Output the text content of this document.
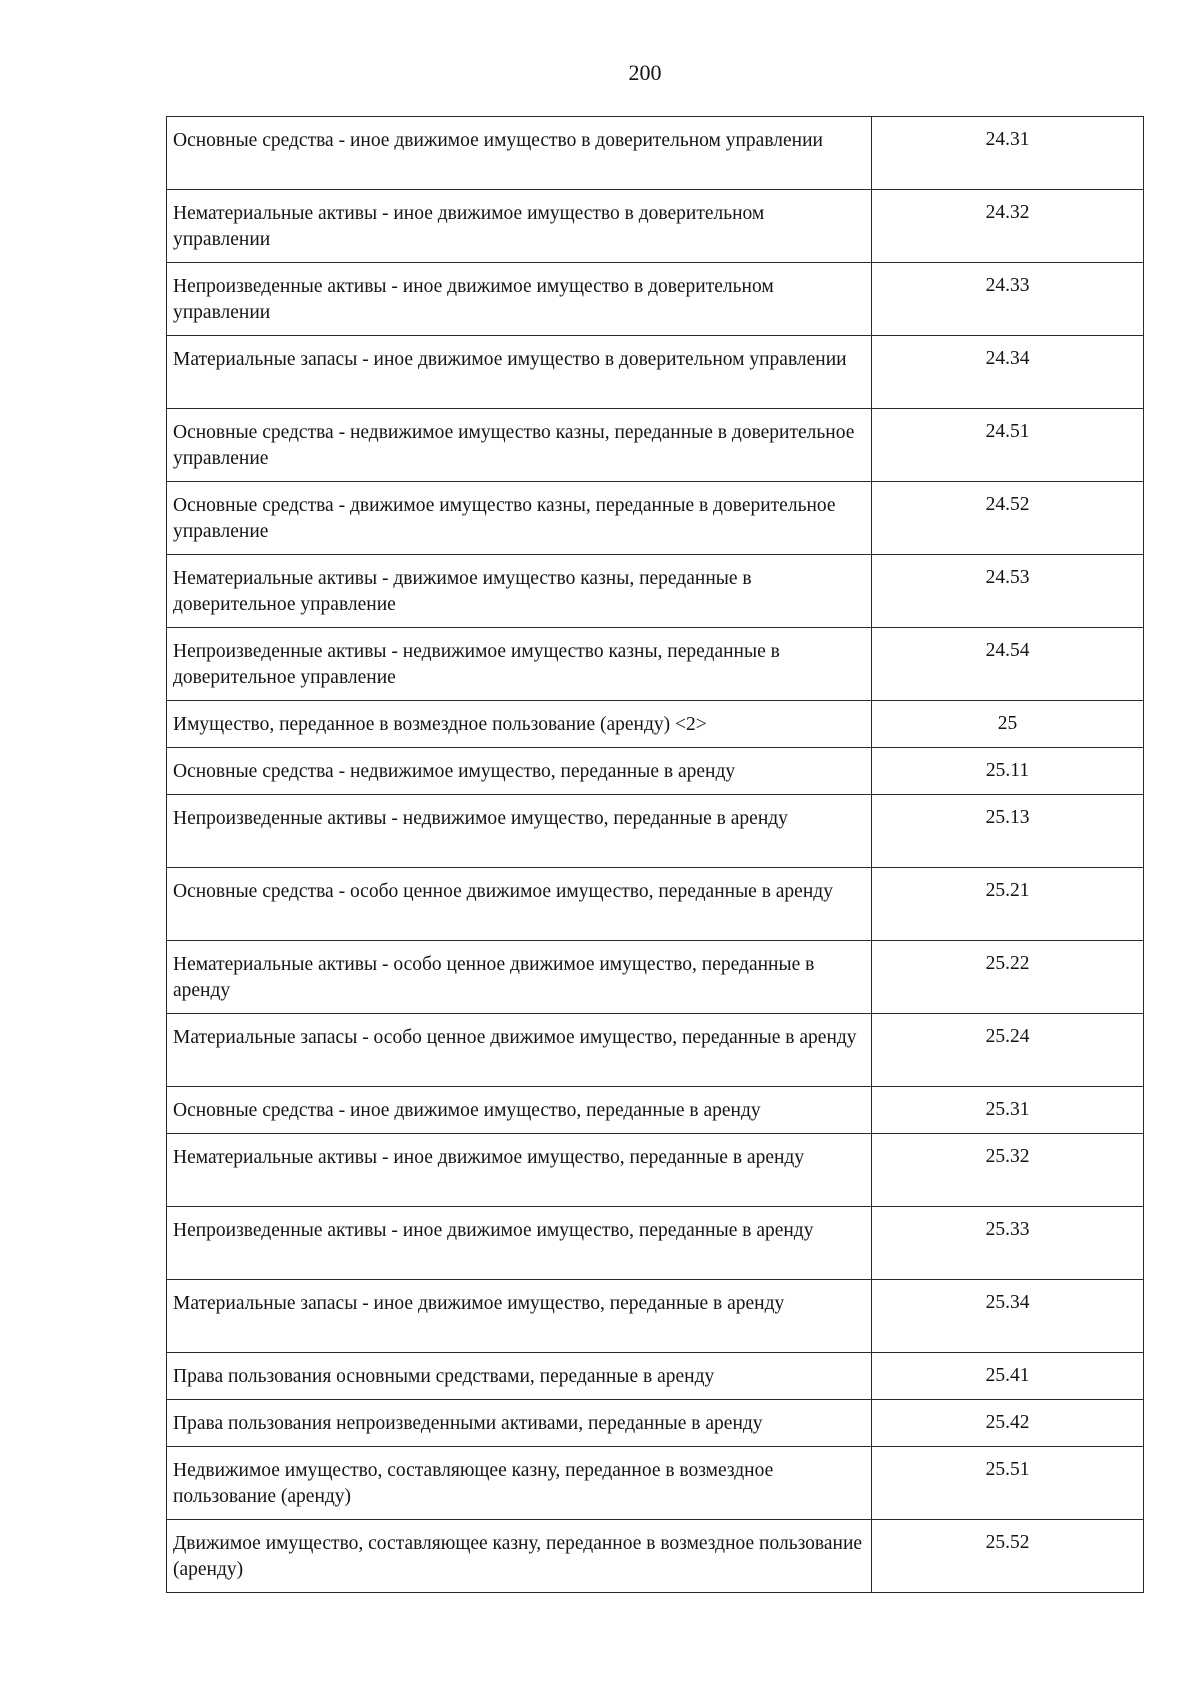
200
Основные средства - иное движимое имущество в доверительном управлении	24.31
Нематериальные активы - иное движимое имущество в доверительном управлении	24.32
Непроизведенные активы - иное движимое имущество в доверительном управлении	24.33
Материальные запасы - иное движимое имущество в доверительном управлении	24.34
Основные средства - недвижимое имущество казны, переданные в доверительное управление	24.51
Основные средства - движимое имущество казны, переданные в доверительное управление	24.52
Нематериальные активы - движимое имущество казны, переданные в доверительное управление	24.53
Непроизведенные активы - недвижимое имущество казны, переданные в доверительное управление	24.54
Имущество, переданное в возмездное пользование (аренду) <2>	25
Основные средства - недвижимое имущество, переданные в аренду	25.11
Непроизведенные активы - недвижимое имущество, переданные в аренду	25.13
Основные средства - особо ценное движимое имущество, переданные в аренду	25.21
Нематериальные активы - особо ценное движимое имущество, переданные в аренду	25.22
Материальные запасы - особо ценное движимое имущество, переданные в аренду	25.24
Основные средства - иное движимое имущество, переданные в аренду	25.31
Нематериальные активы - иное движимое имущество, переданные в аренду	25.32
Непроизведенные активы - иное движимое имущество, переданные в аренду	25.33
Материальные запасы - иное движимое имущество, переданные в аренду	25.34
Права пользования основными средствами, переданные в аренду	25.41
Права пользования непроизведенными активами, переданные в аренду	25.42
Недвижимое имущество, составляющее казну, переданное в возмездное пользование (аренду)	25.51
Движимое имущество, составляющее казну, переданное в возмездное пользование (аренду)	25.52
